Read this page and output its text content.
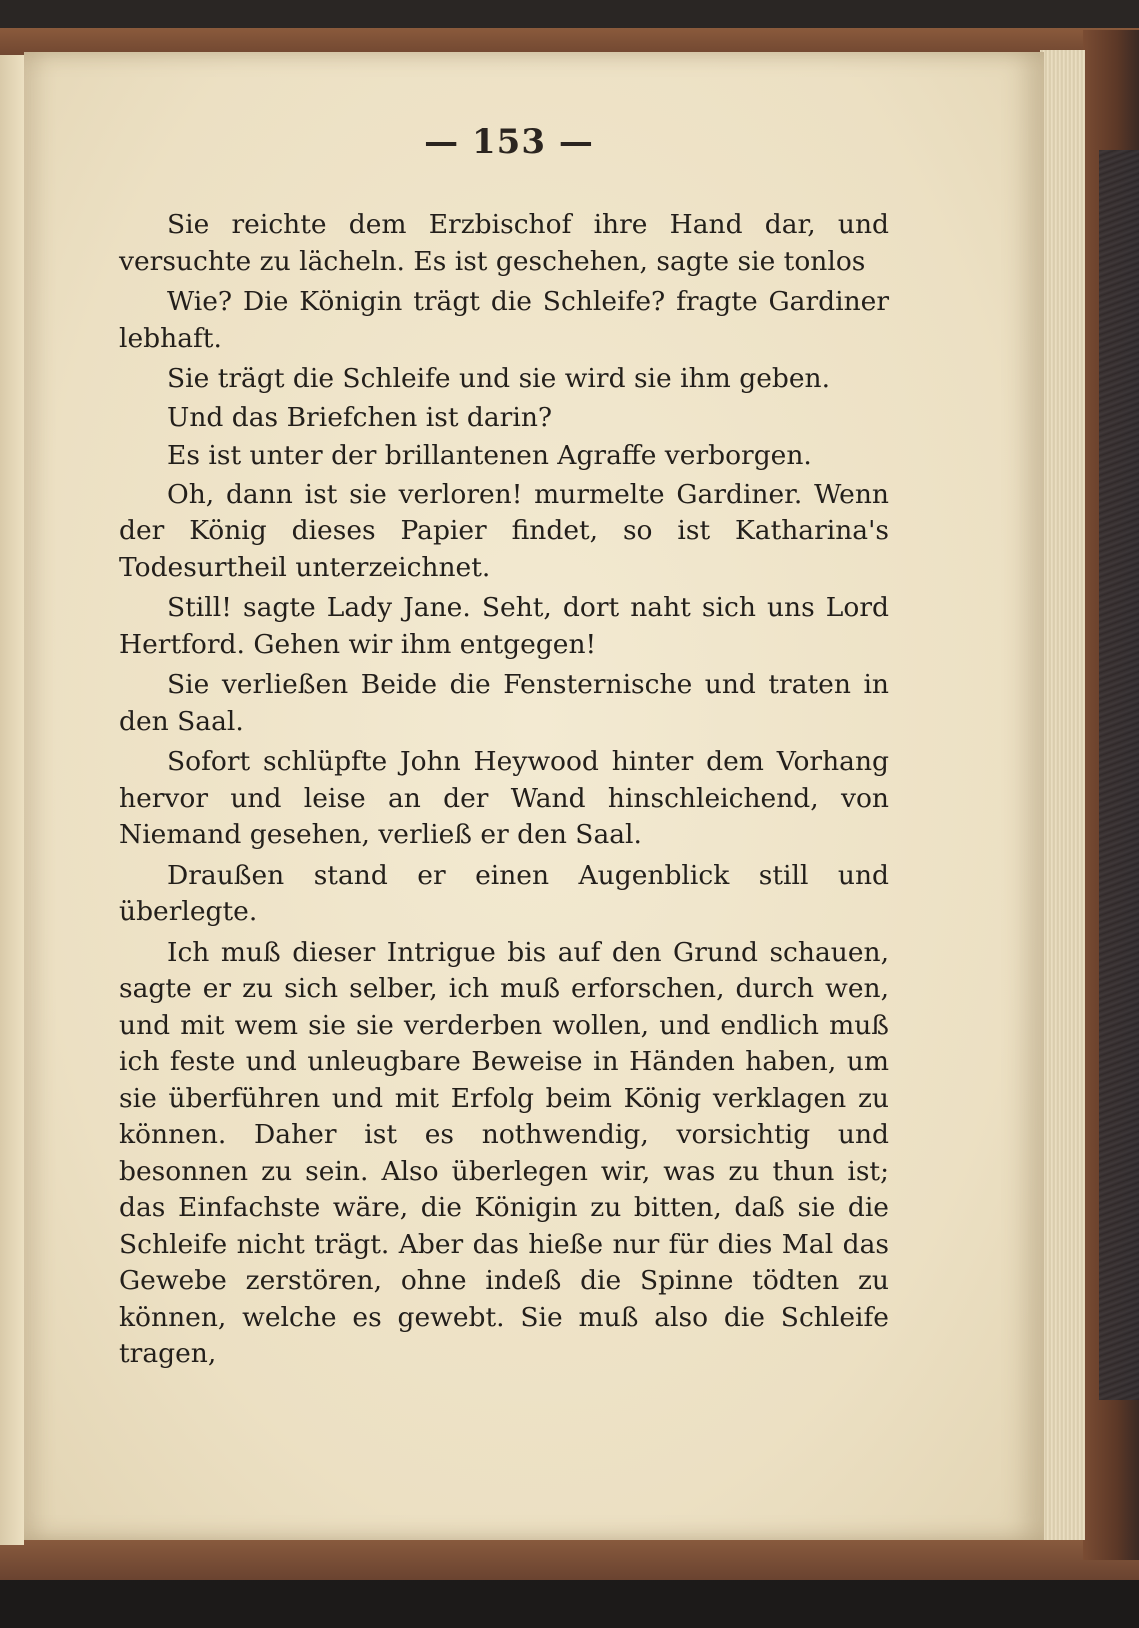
— 153 —

Sie reichte dem Erzbischof ihre Hand dar, und versuchte zu lächeln. Es ist geschehen, sagte sie tonlos

Wie? Die Königin trägt die Schleife? fragte Gardiner lebhaft.

Sie trägt die Schleife und sie wird sie ihm geben.

Und das Briefchen ist darin?

Es ist unter der brillantenen Agraffe verborgen.

Oh, dann ist sie verloren! murmelte Gardiner. Wenn der König dieses Papier findet, so ist Katharina's Todesurtheil unterzeichnet.

Still! sagte Lady Jane. Seht, dort naht sich uns Lord Hertford. Gehen wir ihm entgegen!

Sie verließen Beide die Fensternische und traten in den Saal.

Sofort schlüpfte John Heywood hinter dem Vorhang hervor und leise an der Wand hinschleichend, von Niemand gesehen, verließ er den Saal.

Draußen stand er einen Augenblick still und überlegte.

Ich muß dieser Intrigue bis auf den Grund schauen, sagte er zu sich selber, ich muß erforschen, durch wen, und mit wem sie sie verderben wollen, und endlich muß ich feste und unleugbare Beweise in Händen haben, um sie überführen und mit Erfolg beim König verklagen zu können. Daher ist es nothwendig, vorsichtig und besonnen zu sein. Also überlegen wir, was zu thun ist; das Einfachste wäre, die Königin zu bitten, daß sie die Schleife nicht trägt. Aber das hieße nur für dies Mal das Gewebe zerstören, ohne indeß die Spinne tödten zu können, welche es gewebt. Sie muß also die Schleife tragen,
